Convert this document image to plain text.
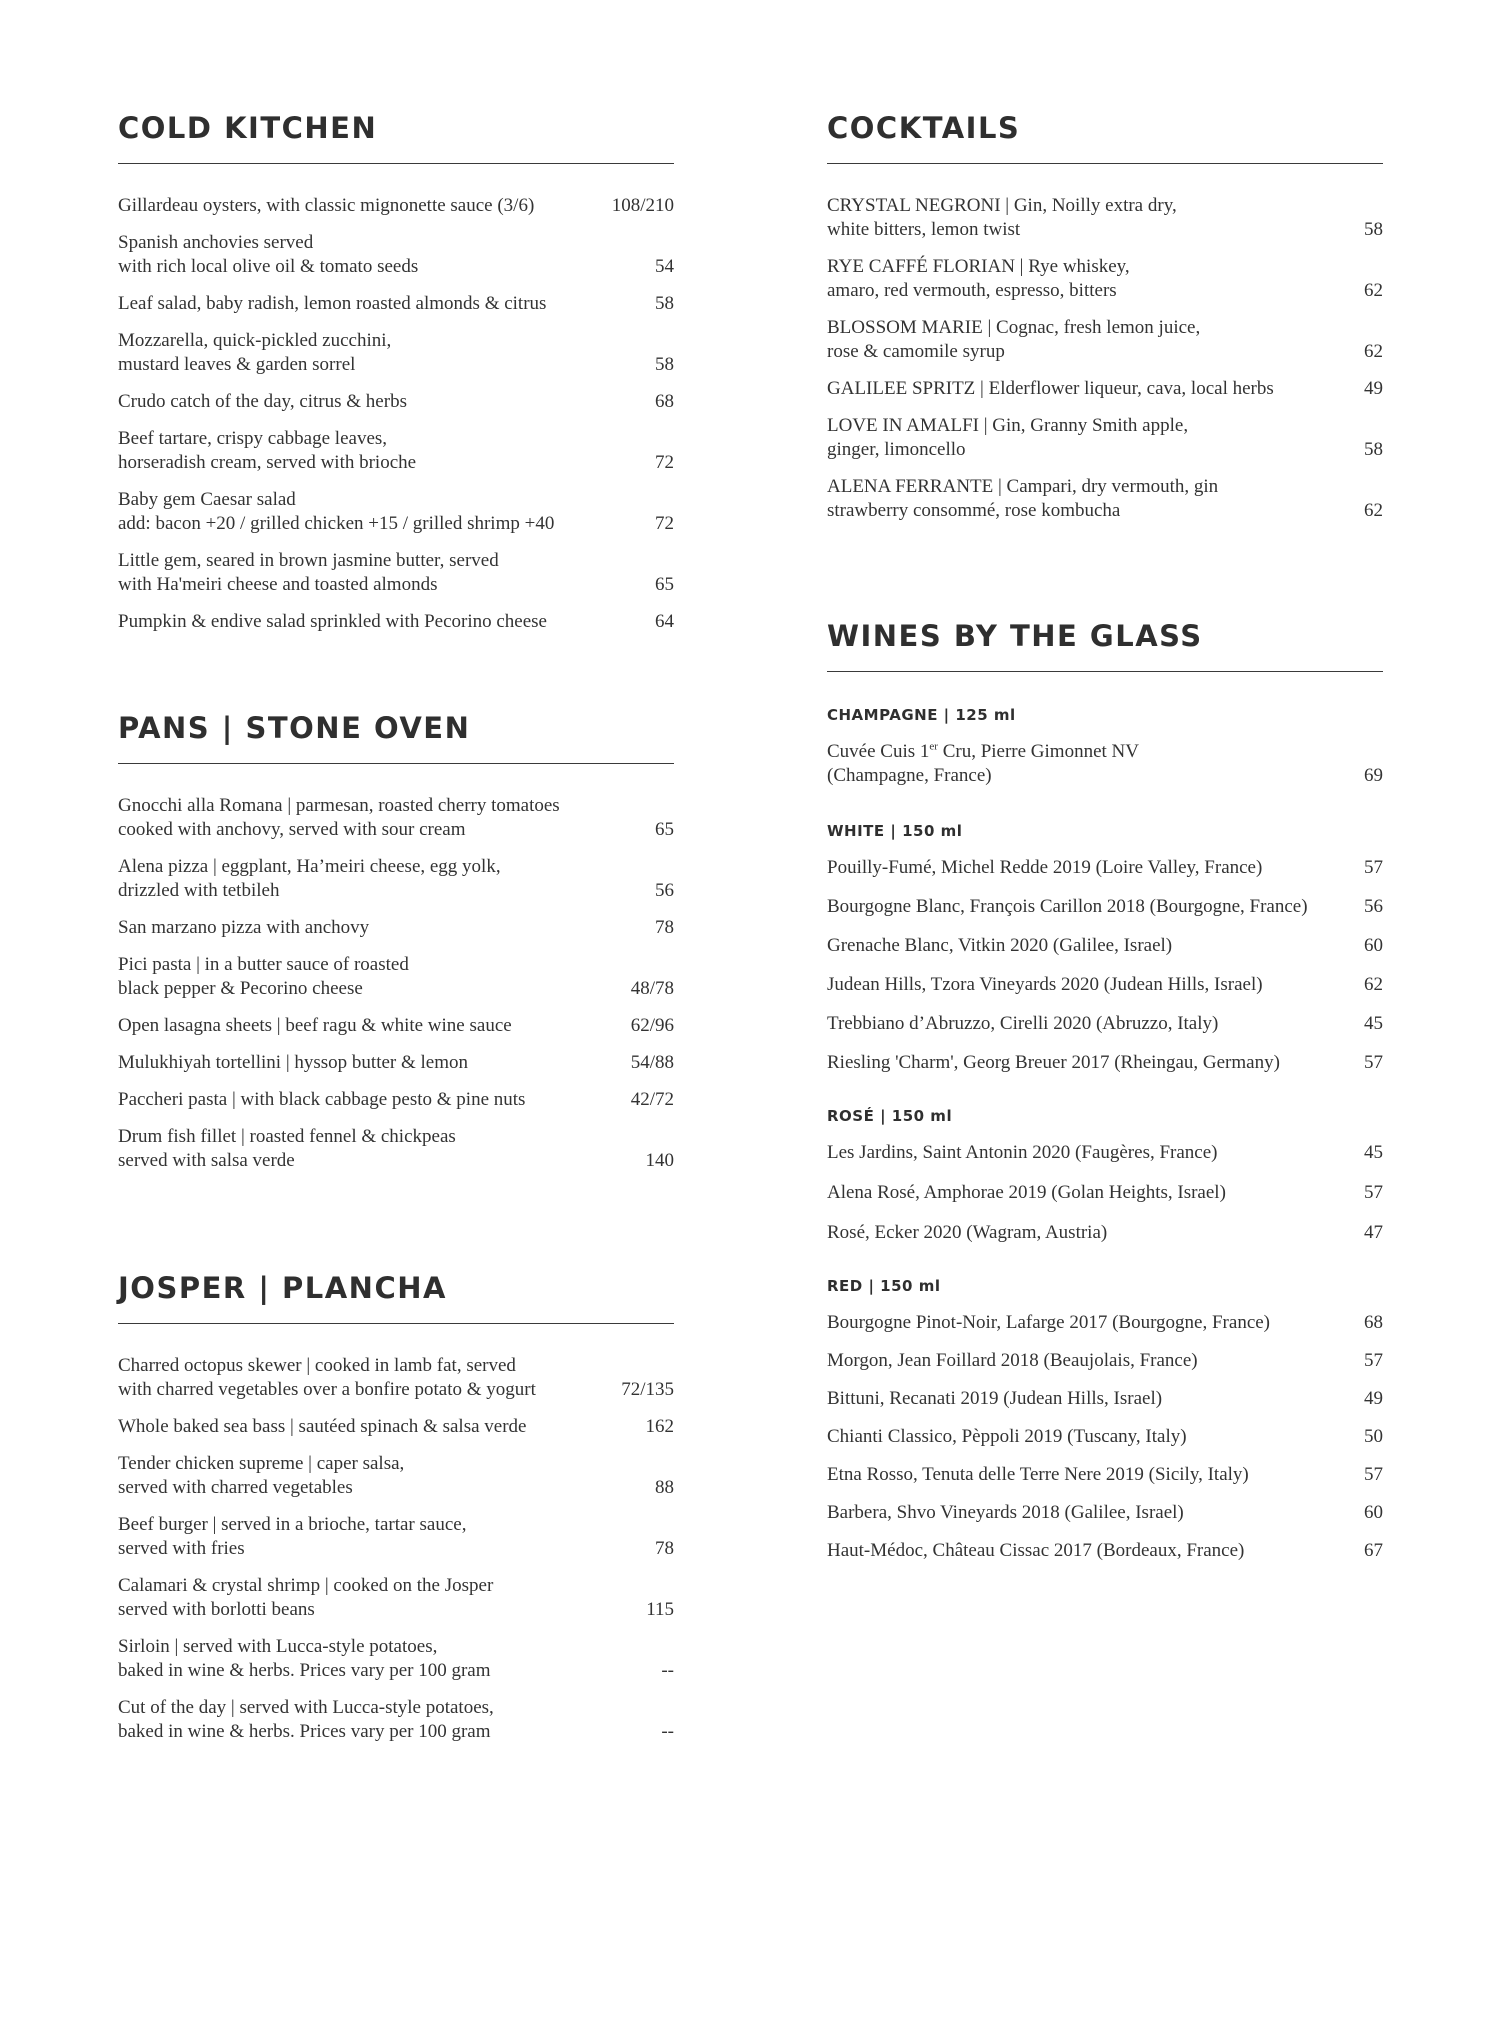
COLD KITCHEN
Gillardeau oysters, with classic mignonette sauce (3/6)	108/210
Spanish anchovies served
with rich local olive oil & tomato seeds	54
Leaf salad, baby radish, lemon roasted almonds & citrus	58
Mozzarella, quick-pickled zucchini,
mustard leaves & garden sorrel	58
Crudo catch of the day, citrus & herbs	68
Beef tartare, crispy cabbage leaves,
horseradish cream, served with brioche	72
Baby gem Caesar salad
add: bacon +20 / grilled chicken +15 / grilled shrimp +40	72
Little gem, seared in brown jasmine butter, served
with Ha'meiri cheese and toasted almonds	65
Pumpkin & endive salad sprinkled with Pecorino cheese	64
PANS | STONE OVEN
Gnocchi alla Romana | parmesan, roasted cherry tomatoes
cooked with anchovy, served with sour cream	65
Alena pizza | eggplant, Ha’meiri cheese, egg yolk,
drizzled with tetbileh	56
San marzano pizza with anchovy	78
Pici pasta | in a butter sauce of roasted
black pepper & Pecorino cheese	48/78
Open lasagna sheets | beef ragu & white wine sauce	62/96
Mulukhiyah tortellini | hyssop butter & lemon	54/88
Paccheri pasta | with black cabbage pesto & pine nuts	42/72
Drum fish fillet | roasted fennel & chickpeas
served with salsa verde	140
JOSPER | PLANCHA
Charred octopus skewer | cooked in lamb fat, served
with charred vegetables over a bonfire potato & yogurt	72/135
Whole baked sea bass | sautéed spinach & salsa verde	162
Tender chicken supreme | caper salsa,
served with charred vegetables	88
Beef burger | served in a brioche, tartar sauce,
served with fries	78
Calamari & crystal shrimp | cooked on the Josper
served with borlotti beans	115
Sirloin | served with Lucca-style potatoes,
baked in wine & herbs. Prices vary per 100 gram	--
Cut of the day | served with Lucca-style potatoes,
baked in wine & herbs. Prices vary per 100 gram	--
COCKTAILS
CRYSTAL NEGRONI | Gin, Noilly extra dry,
white bitters, lemon twist	58
RYE CAFFÉ FLORIAN | Rye whiskey,
amaro, red vermouth, espresso, bitters	62
BLOSSOM MARIE | Cognac, fresh lemon juice,
rose & camomile syrup	62
GALILEE SPRITZ | Elderflower liqueur, cava, local herbs	49
LOVE IN AMALFI | Gin, Granny Smith apple,
ginger, limoncello	58
ALENA FERRANTE | Campari, dry vermouth, gin
strawberry consommé, rose kombucha	62
WINES BY THE GLASS
CHAMPAGNE | 125 ml
Cuvée Cuis 1er Cru, Pierre Gimonnet NV
(Champagne, France)	69
WHITE | 150 ml
Pouilly-Fumé, Michel Redde 2019 (Loire Valley, France)	57
Bourgogne Blanc, François Carillon 2018 (Bourgogne, France)	56
Grenache Blanc, Vitkin 2020 (Galilee, Israel)	60
Judean Hills, Tzora Vineyards 2020 (Judean Hills, Israel)	62
Trebbiano d’Abruzzo, Cirelli 2020 (Abruzzo, Italy)	45
Riesling 'Charm', Georg Breuer 2017 (Rheingau, Germany)	57
ROSÉ | 150 ml
Les Jardins, Saint Antonin 2020 (Faugères, France)	45
Alena Rosé, Amphorae 2019 (Golan Heights, Israel)	57
Rosé, Ecker 2020 (Wagram, Austria)	47
RED | 150 ml
Bourgogne Pinot-Noir, Lafarge 2017 (Bourgogne, France)	68
Morgon, Jean Foillard 2018 (Beaujolais, France)	57
Bittuni, Recanati 2019 (Judean Hills, Israel)	49
Chianti Classico, Pèppoli 2019 (Tuscany, Italy)	50
Etna Rosso, Tenuta delle Terre Nere 2019 (Sicily, Italy)	57
Barbera, Shvo Vineyards 2018 (Galilee, Israel)	60
Haut-Médoc, Château Cissac 2017 (Bordeaux, France)	67
